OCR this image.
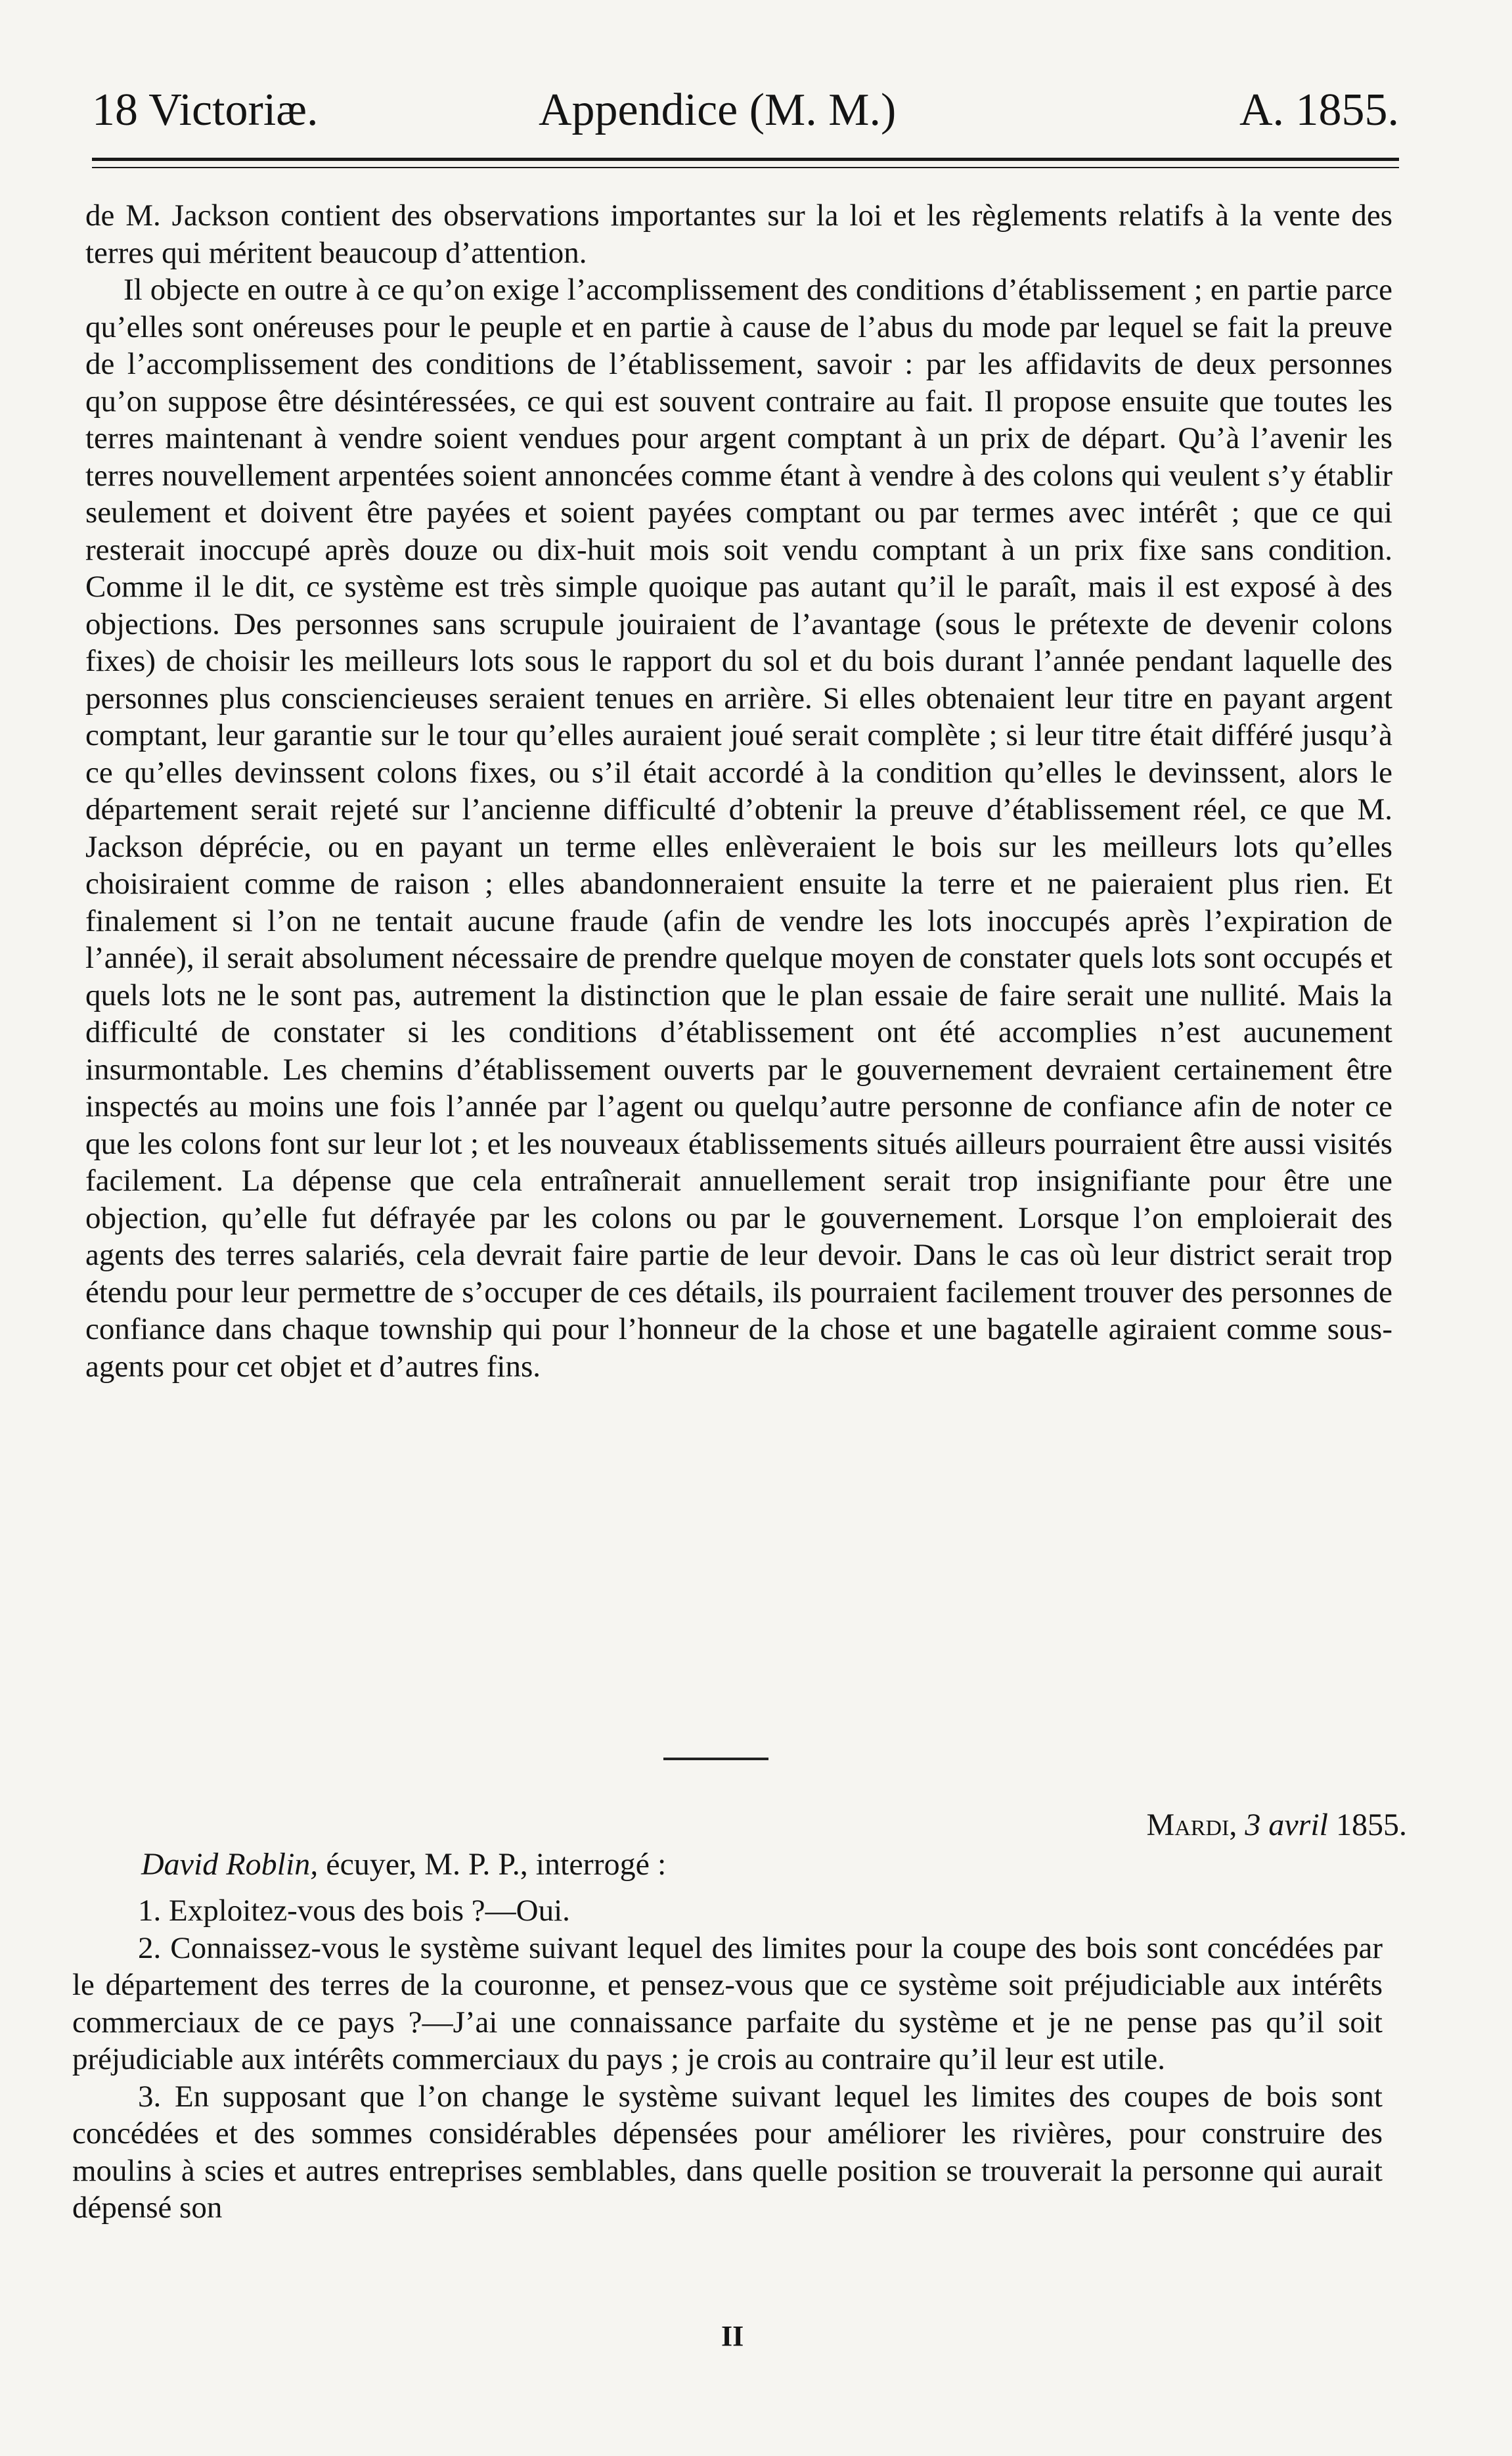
18 Victoriæ.	Appendice (M. M.)	A. 1855.

de M. Jackson contient des observations importantes sur la loi et les règlements relatifs à la vente des terres qui méritent beaucoup d’attention.

Il objecte en outre à ce qu’on exige l’accomplissement des conditions d’établissement ; en partie parce qu’elles sont onéreuses pour le peuple et en partie à cause de l’abus du mode par lequel se fait la preuve de l’accomplissement des conditions de l’établissement, savoir : par les affidavits de deux personnes qu’on suppose être désintéressées, ce qui est souvent contraire au fait. Il propose ensuite que toutes les terres maintenant à vendre soient vendues pour argent comptant à un prix de départ. Qu’à l’avenir les terres nouvellement arpentées soient annoncées comme étant à vendre à des colons qui veulent s’y établir seulement et doivent être payées et soient payées comptant ou par termes avec intérêt ; que ce qui resterait inoccupé après douze ou dix-huit mois soit vendu comptant à un prix fixe sans condition. Comme il le dit, ce système est très simple quoique pas autant qu’il le paraît, mais il est exposé à des objections. Des personnes sans scrupule jouiraient de l’avantage (sous le prétexte de devenir colons fixes) de choisir les meilleurs lots sous le rapport du sol et du bois durant l’année pendant laquelle des personnes plus consciencieuses seraient tenues en arrière. Si elles obtenaient leur titre en payant argent comptant, leur garantie sur le tour qu’elles auraient joué serait complète ; si leur titre était différé jusqu’à ce qu’elles devinssent colons fixes, ou s’il était accordé à la condition qu’elles le devinssent, alors le département serait rejeté sur l’ancienne difficulté d’obtenir la preuve d’établissement réel, ce que M. Jackson déprécie, ou en payant un terme elles enlèveraient le bois sur les meilleurs lots qu’elles choisiraient comme de raison ; elles abandonneraient ensuite la terre et ne paieraient plus rien. Et finalement si l’on ne tentait aucune fraude (afin de vendre les lots inoccupés après l’expiration de l’année), il serait absolument nécessaire de prendre quelque moyen de constater quels lots sont occupés et quels lots ne le sont pas, autrement la distinction que le plan essaie de faire serait une nullité. Mais la difficulté de constater si les conditions d’établissement ont été accomplies n’est aucunement insurmontable. Les chemins d’établissement ouverts par le gouvernement devraient certainement être inspectés au moins une fois l’année par l’agent ou quelqu’autre personne de confiance afin de noter ce que les colons font sur leur lot ; et les nouveaux établissements situés ailleurs pourraient être aussi visités facilement. La dépense que cela entraînerait annuellement serait trop insignifiante pour être une objection, qu’elle fut défrayée par les colons ou par le gouvernement. Lorsque l’on emploierait des agents des terres salariés, cela devrait faire partie de leur devoir. Dans le cas où leur district serait trop étendu pour leur permettre de s’occuper de ces détails, ils pourraient facilement trouver des personnes de confiance dans chaque township qui pour l’honneur de la chose et une bagatelle agiraient comme sous-agents pour cet objet et d’autres fins.

Mardi, 3 avril 1855.
David Roblin, écuyer, M. P. P., interrogé :

1. Exploitez-vous des bois ?—Oui.

2. Connaissez-vous le système suivant lequel des limites pour la coupe des bois sont concédées par le département des terres de la couronne, et pensez-vous que ce système soit préjudiciable aux intérêts commerciaux de ce pays ?—J’ai une connaissance parfaite du système et je ne pense pas qu’il soit préjudiciable aux intérêts commerciaux du pays ; je crois au contraire qu’il leur est utile.

3. En supposant que l’on change le système suivant lequel les limites des coupes de bois sont concédées et des sommes considérables dépensées pour améliorer les rivières, pour construire des moulins à scies et autres entreprises semblables, dans quelle position se trouverait la personne qui aurait dépensé son

II
